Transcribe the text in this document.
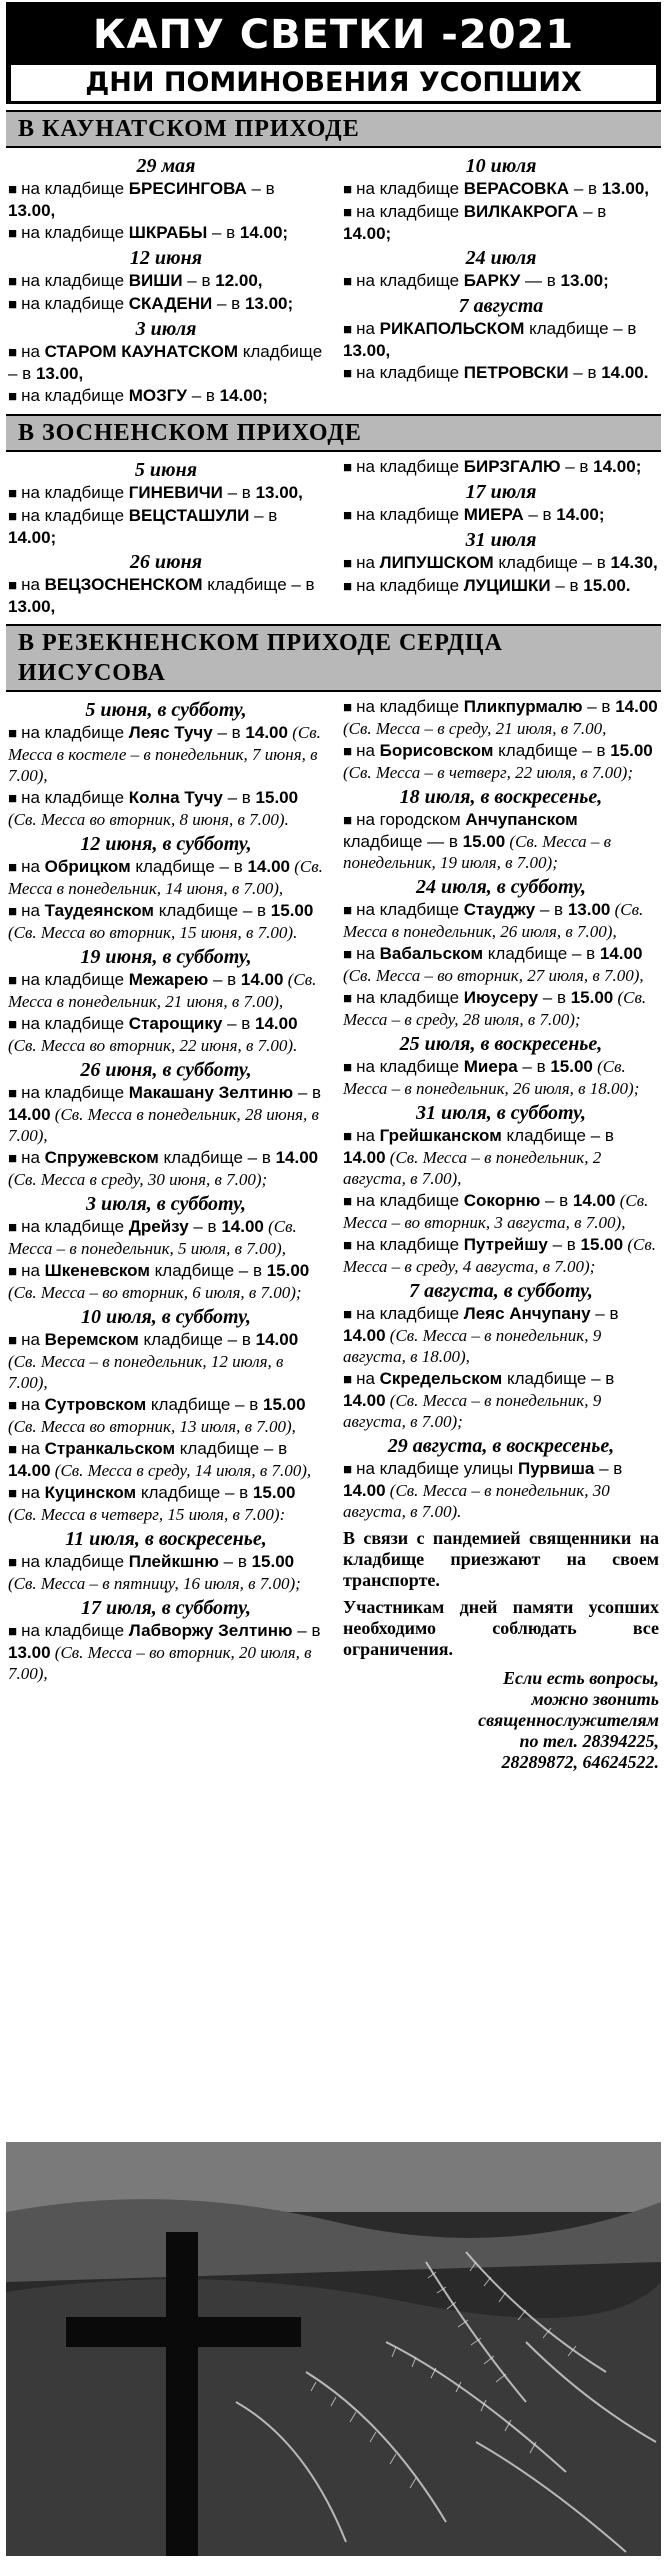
КАПУ СВЕТКИ -2021
ДНИ ПОМИНОВЕНИЯ УСОПШИХ
В КАУНАТСКОМ ПРИХОДЕ
29 мая
■ на кладбище БРЕСИНГОВА – в 13.00,
■ на кладбище ШКРАБЫ – в 14.00;
12 июня
■ на кладбище ВИШИ – в 12.00,
■ на кладбище СКАДЕНИ – в 13.00;
3 июля
■ на СТАРОМ КАУНАТСКОМ кладбище – в 13.00,
■ на кладбище МОЗГУ – в 14.00;
10 июля
■ на кладбище ВЕРАСОВКА – в 13.00,
■ на кладбище ВИЛКАКРОГА – в 14.00;
24 июля
■ на кладбище БАРКУ — в 13.00;
7 августа
■ на РИКАПОЛЬСКОМ кладбище – в 13.00,
■ на кладбище ПЕТРОВСКИ – в 14.00.
В ЗОСНЕНСКОМ ПРИХОДЕ
5 июня
■ на кладбище ГИНЕВИЧИ – в 13.00,
■ на кладбище ВЕЦСТАШУЛИ – в 14.00;
26 июня
■ на ВЕЦЗОСНЕНСКОМ кладбище – в 13.00,
■ на кладбище БИРЗГАЛЮ – в 14.00;
17 июля
■ на кладбище МИЕРА – в 14.00;
31 июля
■ на ЛИПУШСКОМ кладбище – в 14.30,
■ на кладбище ЛУЦИШКИ – в 15.00.
В РЕЗЕКНЕНСКОМ ПРИХОДЕ СЕРДЦА ИИСУСОВА
5 июня, в субботу,
■ на кладбище Леяс Тучу – в 14.00 (Св. Месса в костеле – в понедельник, 7 июня, в 7.00),
■ на кладбище Колна Тучу – в 15.00 (Св. Месса во вторник, 8 июня, в 7.00).
12 июня, в субботу,
■ на Обрицком кладбище – в 14.00 (Св. Месса в понедельник, 14 июня, в 7.00),
■ на Таудеянском кладбище – в 15.00 (Св. Месса во вторник, 15 июня, в 7.00).
19 июня, в субботу,
■ на кладбище Межарею – в 14.00 (Св. Месса в понедельник, 21 июня, в 7.00),
■ на кладбище Старощику – в 14.00 (Св. Месса во вторник, 22 июня, в 7.00).
26 июня, в субботу,
■ на кладбище Макашану Зелтиню – в 14.00 (Св. Месса в понедельник, 28 июня, в 7.00),
■ на Спружевском кладбище – в 14.00 (Св. Месса в среду, 30 июня, в 7.00);
3 июля, в субботу,
■ на кладбище Дрейзу – в 14.00 (Св. Месса – в понедельник, 5 июля, в 7.00),
■ на Шкеневском кладбище – в 15.00 (Св. Месса – во вторник, 6 июля, в 7.00);
10 июля, в субботу,
■ на Веремском кладбище – в 14.00 (Св. Месса – в понедельник, 12 июля, в 7.00),
■ на Сутровском кладбище – в 15.00 (Св. Месса во вторник, 13 июля, в 7.00),
■ на Странкальском кладбище – в 14.00 (Св. Месса в среду, 14 июля, в 7.00),
■ на Куцинском кладбище – в 15.00 (Св. Месса в четверг, 15 июля, в 7.00):
11 июля, в воскресенье,
■ на кладбище Плейкшню – в 15.00 (Св. Месса – в пятницу, 16 июля, в 7.00);
17 июля, в субботу,
■ на кладбище Лабворжу Зелтиню – в 13.00 (Св. Месса – во вторник, 20 июля, в 7.00),
■ на кладбище Пликпурмалю – в 14.00 (Св. Месса – в среду, 21 июля, в 7.00,
■ на Борисовском кладбище – в 15.00 (Св. Месса – в четверг, 22 июля, в 7.00);
18 июля, в воскресенье,
■ на городском Анчупанском кладбище — в 15.00 (Св. Месса – в понедельник, 19 июля, в 7.00);
24 июля, в субботу,
■ на кладбище Стауджу – в 13.00 (Св. Месса в понедельник, 26 июля, в 7.00),
■ на Вабальском кладбище – в 14.00 (Св. Месса – во вторник, 27 июля, в 7.00),
■ на кладбище Июусеру – в 15.00 (Св. Месса – в среду, 28 июля, в 7.00);
25 июля, в воскресенье,
■ на кладбище Миера – в 15.00 (Св. Месса – в понедельник, 26 июля, в 18.00);
31 июля, в субботу,
■ на Грейшканском кладбище – в 14.00 (Св. Месса – в понедельник, 2 августа, в 7.00),
■ на кладбище Сокорню – в 14.00 (Св. Месса – во вторник, 3 августа, в 7.00),
■ на кладбище Путрейшу – в 15.00 (Св. Месса – в среду, 4 августа, в 7.00);
7 августа, в субботу,
■ на кладбище Леяс Анчупану – в 14.00 (Св. Месса – в понедельник, 9 августа, в 18.00),
■ на Скредельском кладбище – в 14.00 (Св. Месса – в понедельник, 9 августа, в 7.00);
29 августа, в воскресенье,
■ на кладбище улицы Пурвиша – в 14.00 (Св. Месса – в понедельник, 30 августа, в 7.00).
В связи с пандемией священники на кладбище приезжают на своем транспорте.
Участникам дней памяти усопших необходимо соблюдать все ограничения.
Если есть вопросы,
можно звонить
священнослужителям
по тел. 28394225,
28289872, 64624522.
